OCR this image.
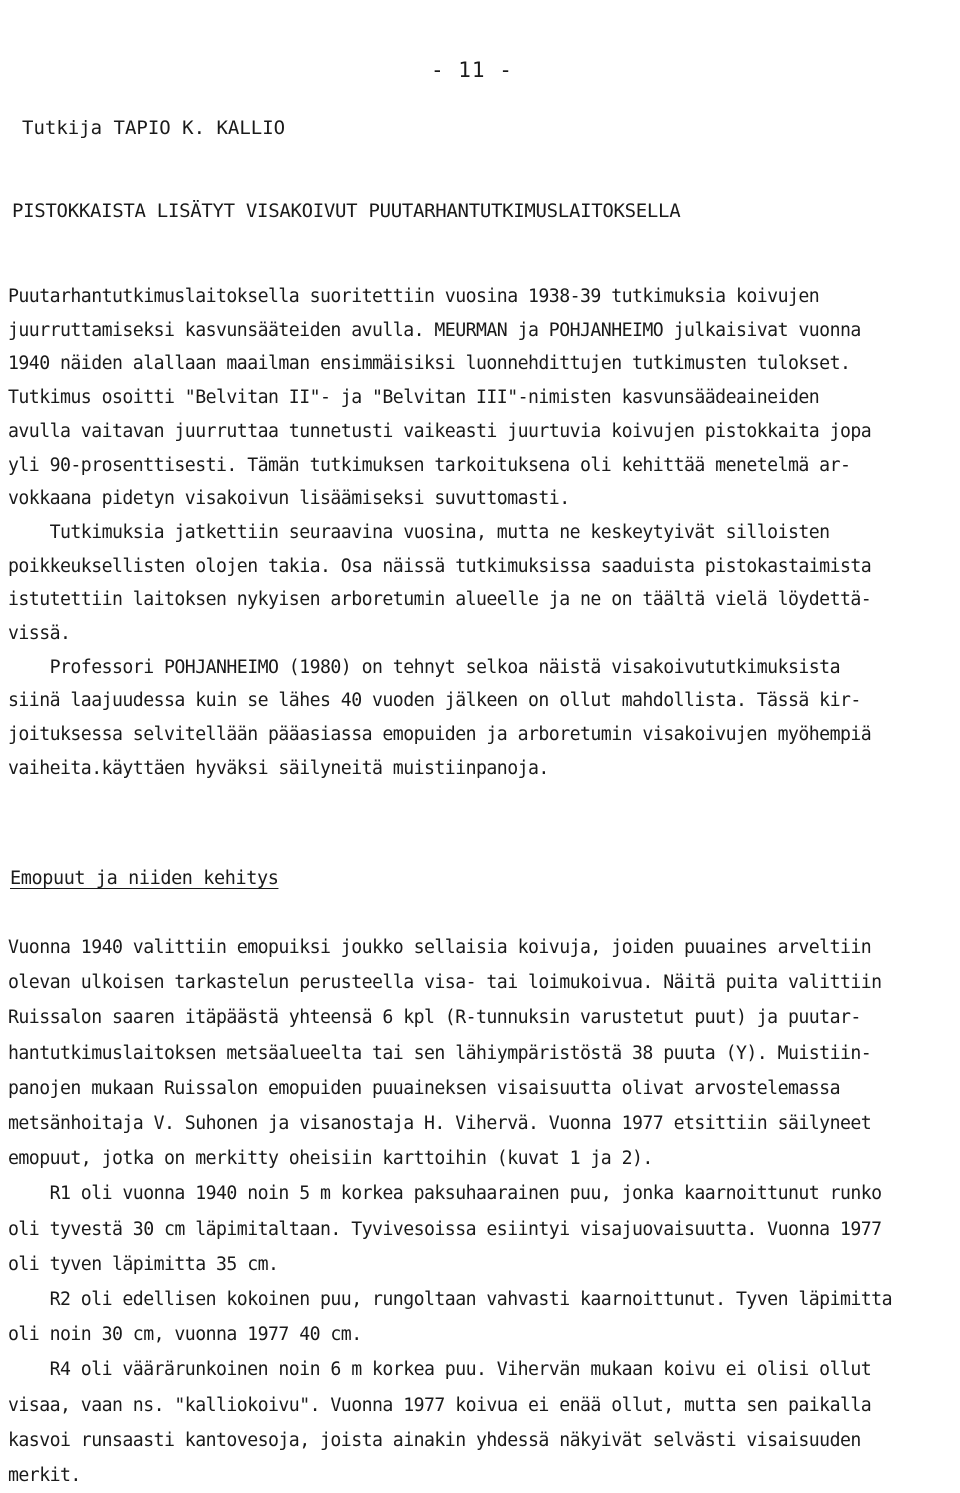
- 11 -
Tutkija TAPIO K. KALLIO
PISTOKKAISTA LISÄTYT VISAKOIVUT PUUTARHANTUTKIMUSLAITOKSELLA

Puutarhantutkimuslaitoksella suoritettiin vuosina 1938-39 tutkimuksia koivujen

juurruttamiseksi kasvunsääteiden avulla. MEURMAN ja POHJANHEIMO julkaisivat vuonna

1940 näiden alallaan maailman ensimmäisiksi luonnehdittujen tutkimusten tulokset.

Tutkimus osoitti "Belvitan II"- ja "Belvitan III"-nimisten kasvunsäädeaineiden

avulla vaitavan juurruttaa tunnetusti vaikeasti juurtuvia koivujen pistokkaita jopa

yli 90-prosenttisesti. Tämän tutkimuksen tarkoituksena oli kehittää menetelmä ar-

vokkaana pidetyn visakoivun lisäämiseksi suvuttomasti.

Tutkimuksia jatkettiin seuraavina vuosina, mutta ne keskeytyivät silloisten

poikkeuksellisten olojen takia. Osa näissä tutkimuksissa saaduista pistokastaimista

istutettiin laitoksen nykyisen arboretumin alueelle ja ne on täältä vielä löydettä-

vissä.

Professori POHJANHEIMO (1980) on tehnyt selkoa näistä visakoivututkimuksista

siinä laajuudessa kuin se lähes 40 vuoden jälkeen on ollut mahdollista. Tässä kir-

joituksessa selvitellään pääasiassa emopuiden ja arboretumin visakoivujen myöhempiä

vaiheita.käyttäen hyväksi säilyneitä muistiinpanoja.

Emopuut ja niiden kehitys

Vuonna 1940 valittiin emopuiksi joukko sellaisia koivuja, joiden puuaines arveltiin

olevan ulkoisen tarkastelun perusteella visa- tai loimukoivua. Näitä puita valittiin

Ruissalon saaren itäpäästä yhteensä 6 kpl (R-tunnuksin varustetut puut) ja puutar-

hantutkimuslaitoksen metsäalueelta tai sen lähiympäristöstä 38 puuta (Y). Muistiin-

panojen mukaan Ruissalon emopuiden puuaineksen visaisuutta olivat arvostelemassa

metsänhoitaja V. Suhonen ja visanostaja H. Vihervä. Vuonna 1977 etsittiin säilyneet

emopuut, jotka on merkitty oheisiin karttoihin (kuvat 1 ja 2).

R1 oli vuonna 1940 noin 5 m korkea paksuhaarainen puu, jonka kaarnoittunut runko

oli tyvestä 30 cm läpimitaltaan. Tyvivesoissa esiintyi visajuovaisuutta. Vuonna 1977

oli tyven läpimitta 35 cm.

R2 oli edellisen kokoinen puu, rungoltaan vahvasti kaarnoittunut. Tyven läpimitta

oli noin 30 cm, vuonna 1977 40 cm.

R4 oli väärärunkoinen noin 6 m korkea puu. Vihervän mukaan koivu ei olisi ollut

visaa, vaan ns. "kalliokoivu". Vuonna 1977 koivua ei enää ollut, mutta sen paikalla

kasvoi runsaasti kantovesoja, joista ainakin yhdessä näkyivät selvästi visaisuuden

merkit.
